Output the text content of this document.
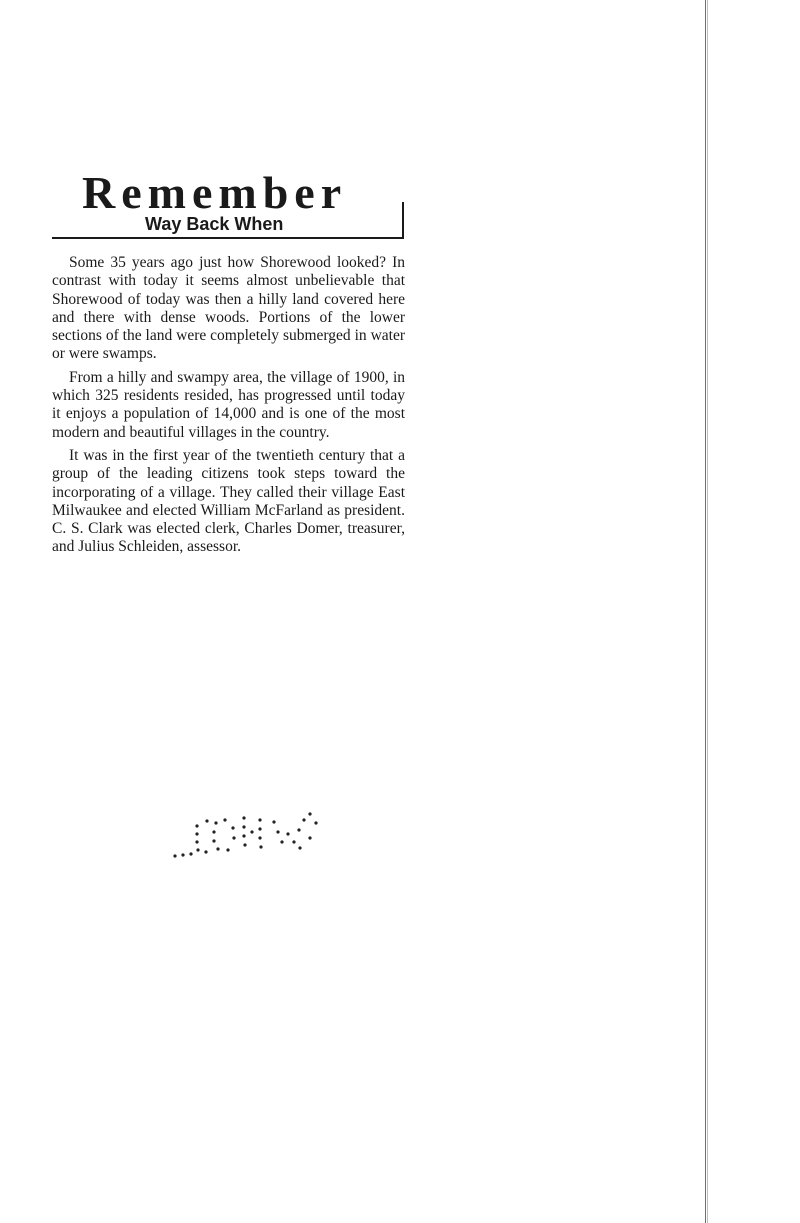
Remember
Way Back When

Some 35 years ago just how Shorewood looked? In contrast with today it seems almost unbelievable that Shorewood of today was then a hilly land covered here and there with dense woods. Portions of the lower sections of the land were completely submerged in water or were swamps.

From a hilly and swampy area, the village of 1900, in which 325 residents resided, has progressed until today it enjoys a population of 14,000 and is one of the most modern and beautiful villages in the country.

It was in the first year of the twentieth century that a group of the leading citizens took steps toward the incorporating of a village. They called their village East Milwaukee and elected William McFarland as president. C. S. Clark was elected clerk, Charles Domer, treasurer, and Julius Schleiden, assessor.
